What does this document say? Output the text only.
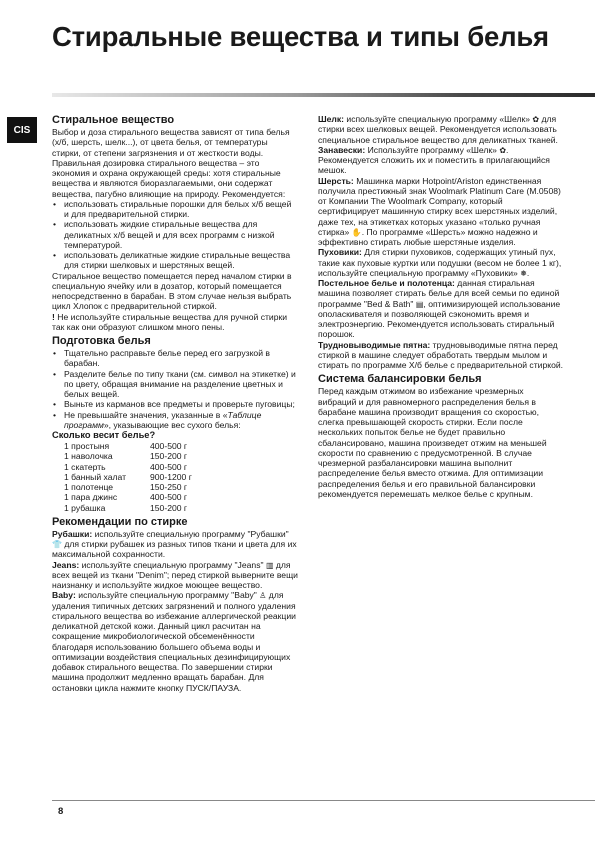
Стиральные вещества и типы белья
CIS
Стиральное вещество

Выбор и доза стирального вещества зависят от типа белья (х/б, шерсть, шелк...), от цвета белья, от температуры стирки, от степени загрязнения и от жесткости воды.

Правильная дозировка стирального вещества – это экономия и охрана окружающей среды: хотя стиральные вещества и являются биоразлагаемыми, они содержат вещества, пагубно влияющие на природу. Рекомендуется:

• использовать стиральные порошки для белых х/б вещей и для предварительной стирки.
• использовать жидкие стиральные вещества для деликатных х/б вещей и для всех программ с низкой температурой.
• использовать деликатные жидкие стиральные вещества для стирки шелковых и шерстяных вещей.

Стиральное вещество помещается перед началом стирки в специальную ячейку или в дозатор, который помещается непосредственно в барабан. В этом случае нельзя выбрать цикл Хлопок с предварительной стиркой.

! Не используйте стиральные вещества для ручной стирки так как они образуют слишком много пены.

Подготовка белья
• Тщательно расправьте белье перед его загрузкой в барабан.
• Разделите белье по типу ткани (см. символ на этикетке) и по цвету, обращая внимание на разделение цветных и белых вещей.
• Выньте из карманов все предметы и проверьте пуговицы;
• Не превышайте значения, указанные в «Таблице программ», указывающие вес сухого белья:
Сколько весит белье?
1 простыня	400-500 г
1 наволочка	150-200 г
1 скатерть	400-500 г
1 банный халат	900-1200 г
1 полотенце	150-250 г
1 пара джинс	400-500 г
1 рубашка	150-200 г
Рекомендации по стирке

Рубашки: используйте специальную программу "Рубашки" 👕 для стирки рубашек из разных типов ткани и цвета для их максимальной сохранности.

Jeans: используйте специальную программу "Jeans" ▥ для всех вещей из ткани "Denim"; перед стиркой выверните вещи наизнанку и используйте жидкое моющее вещество.

Baby: используйте специальную программу "Baby" ♙ для удаления типичных детских загрязнений и полного удаления стирального вещества во избежание аллергической реакции деликатной детской кожи. Данный цикл расчитан на сокращение микробиологической обсеменённости благодаря использованию большего объема воды и оптимизации воздействия специальных дезинфицирующих добавок стирального вещества. По завершении стирки машина продолжит медленно вращать барабан. Для остановки цикла нажмите кнопку ПУСК/ПАУЗА.

Шелк: используйте специальную программу «Шелк» ✿ для стирки всех шелковых вещей. Рекомендуется использовать специальное стиральное вещество для деликатных тканей.

Занавески: Используйте программу «Шелк» ✿. Рекомендуется сложить их и поместить в прилагающийся мешок.

Шерсть: Машинка марки Hotpoint/Ariston единственная получила престижный знак Woolmark Platinum Care (M.0508) от Компании The Woolmark Company, который сертифицирует машинную стирку всех шерстяных изделий, даже тех, на этикетках которых указано «только ручная стирка» ✋. По программе «Шерсть» можно надежно и эффективно стирать любые шерстяные изделия.

Пуховики: Для стирки пуховиков, содержащих утиный пух, такие как пуховые куртки или подушки (весом не более 1 кг), используйте специальную программу «Пуховики» ❅.

Постельное белье и полотенца: данная стиральная машина позволяет стирать белье для всей семьи по единой программе "Bed & Bath" ▤, оптимизирующей использование ополаскивателя и позволяющей сэкономить время и электроэнергию. Рекомендуется использовать стиральный порошок.

Трудновыводимые пятна: трудновыводимые пятна перед стиркой в машине следует обработать твердым мылом и стирать по программе Х/б белье с предварительной стиркой.

Система балансировки белья

Перед каждым отжимом во избежание чрезмерных вибраций и для равномерного распределения белья в барабане машина производит вращения со скоростью, слегка превышающей скорость стирки. Если после нескольких попыток белье не будет правильно сбалансировано, машина произведет отжим на меньшей скорости по сравнению с предусмотренной. В случае чрезмерной разбалансировки машина выполнит распределение белья вместо отжима. Для оптимизации распределения белья и его правильной балансировки рекомендуется перемешать мелкое белье с крупным.

8
